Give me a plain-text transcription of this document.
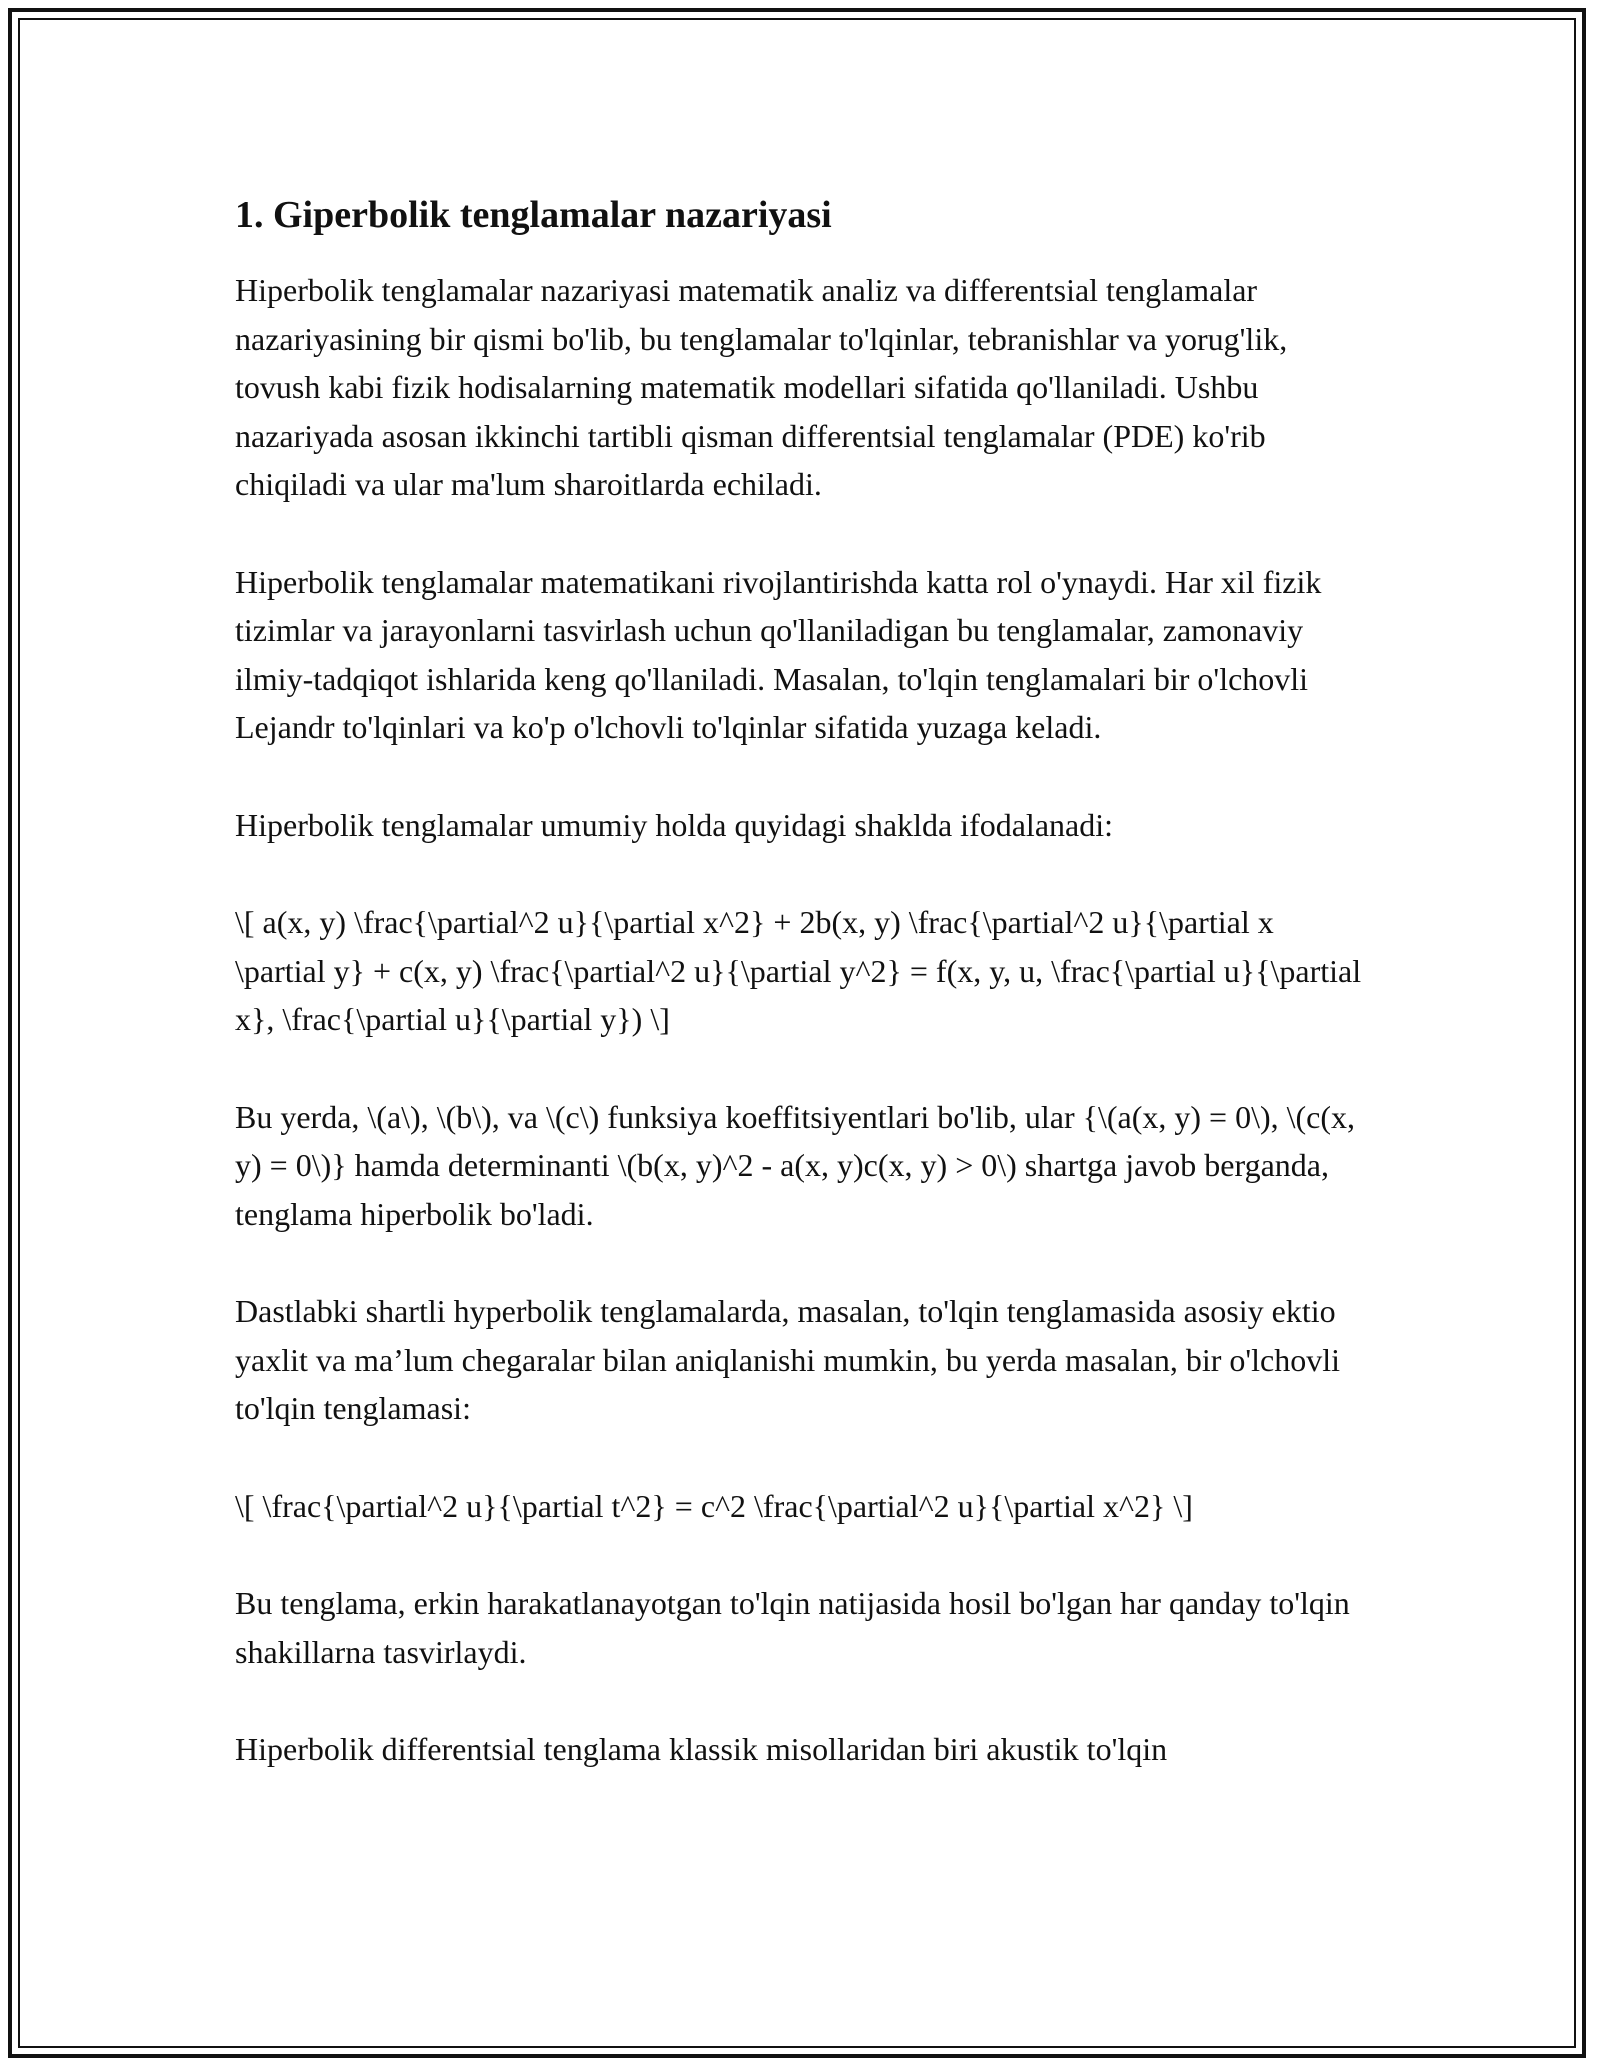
1. Giperbolik tenglamalar nazariyasi

Hiperbolik tenglamalar nazariyasi matematik analiz va differentsial tenglamalar nazariyasining bir qismi bo'lib, bu tenglamalar to'lqinlar, tebranishlar va yorug'lik, tovush kabi fizik hodisalarning matematik modellari sifatida qo'llaniladi. Ushbu nazariyada asosan ikkinchi tartibli qisman differentsial tenglamalar (PDE) ko'rib chiqiladi va ular ma'lum sharoitlarda echiladi.

Hiperbolik tenglamalar matematikani rivojlantirishda katta rol o'ynaydi. Har xil fizik tizimlar va jarayonlarni tasvirlash uchun qo'llaniladigan bu tenglamalar, zamonaviy ilmiy-tadqiqot ishlarida keng qo'llaniladi. Masalan, to'lqin tenglamalari bir o'lchovli Lejandr to'lqinlari va ko'p o'lchovli to'lqinlar sifatida yuzaga keladi.

Hiperbolik tenglamalar umumiy holda quyidagi shaklda ifodalanadi:

\[ a(x, y) \frac{\partial^2 u}{\partial x^2} + 2b(x, y) \frac{\partial^2 u}{\partial x \partial y} + c(x, y) \frac{\partial^2 u}{\partial y^2} = f(x, y, u, \frac{\partial u}{\partial x}, \frac{\partial u}{\partial y}) \]

Bu yerda, \(a\), \(b\), va \(c\) funksiya koeffitsiyentlari bo'lib, ular {\(a(x, y) = 0\), \(c(x, y) = 0\)} hamda determinanti \(b(x, y)^2 - a(x, y)c(x, y) > 0\) shartga javob berganda, tenglama hiperbolik bo'ladi.

Dastlabki shartli hyperbolik tenglamalarda, masalan, to'lqin tenglamasida asosiy ektio yaxlit va ma’lum chegaralar bilan aniqlanishi mumkin, bu yerda masalan, bir o'lchovli to'lqin tenglamasi:

\[ \frac{\partial^2 u}{\partial t^2} = c^2 \frac{\partial^2 u}{\partial x^2} \]

Bu tenglama, erkin harakatlanayotgan to'lqin natijasida hosil bo'lgan har qanday to'lqin shakillarna tasvirlaydi.

Hiperbolik differentsial tenglama klassik misollaridan biri akustik to'lqin
